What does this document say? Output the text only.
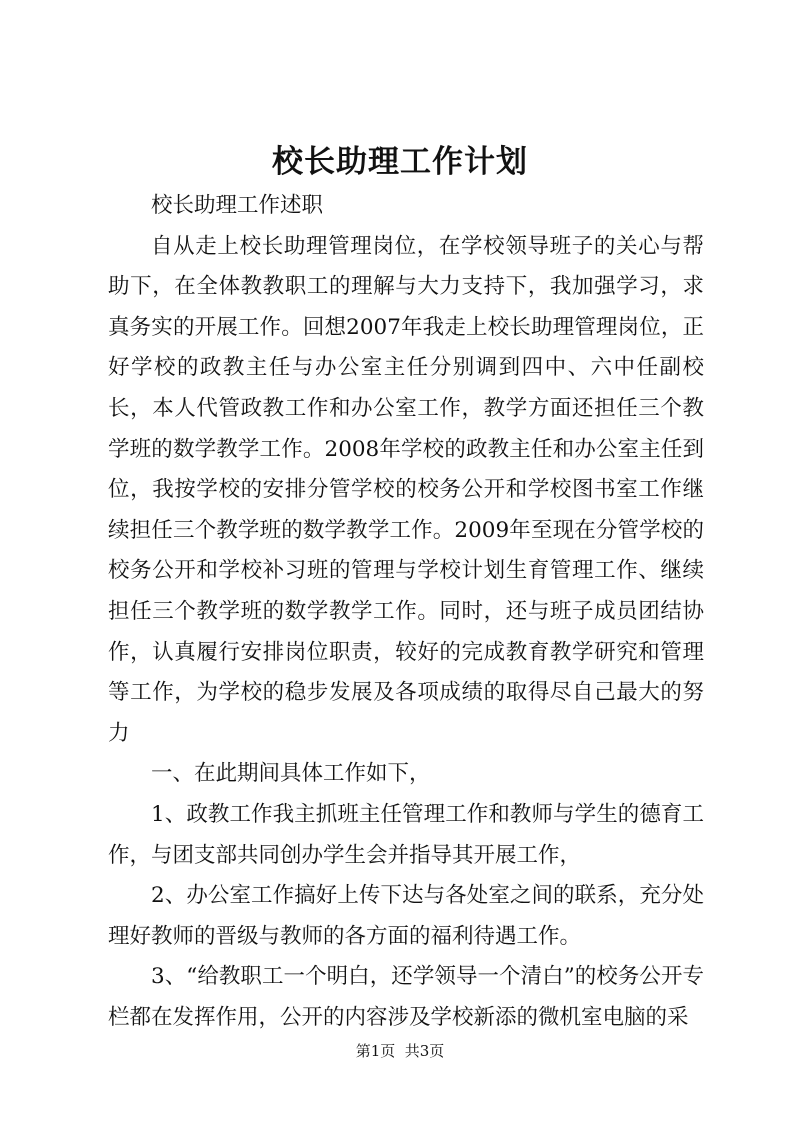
校长助理工作计划

校长助理工作述职

自从走上校长助理管理岗位，在学校领导班子的关心与帮助下，在全体教教职工的理解与大力支持下，我加强学习，求真务实的开展工作。回想2007年我走上校长助理管理岗位，正好学校的政教主任与办公室主任分别调到四中、六中任副校长，本人代管政教工作和办公室工作，教学方面还担任三个教学班的数学教学工作。2008年学校的政教主任和办公室主任到位，我按学校的安排分管学校的校务公开和学校图书室工作继续担任三个教学班的数学教学工作。2009年至现在分管学校的校务公开和学校补习班的管理与学校计划生育管理工作、继续担任三个教学班的数学教学工作。同时，还与班子成员团结协作，认真履行安排岗位职责，较好的完成教育教学研究和管理等工作，为学校的稳步发展及各项成绩的取得尽自己最大的努力

一、在此期间具体工作如下，

1、政教工作我主抓班主任管理工作和教师与学生的德育工作，与团支部共同创办学生会并指导其开展工作，

2、办公室工作搞好上传下达与各处室之间的联系，充分处理好教师的晋级与教师的各方面的福利待遇工作。

3、“给教职工一个明白，还学领导一个清白”的校务公开专栏都在发挥作用，公开的内容涉及学校新添的微机室电脑的采

第1页  共3页
